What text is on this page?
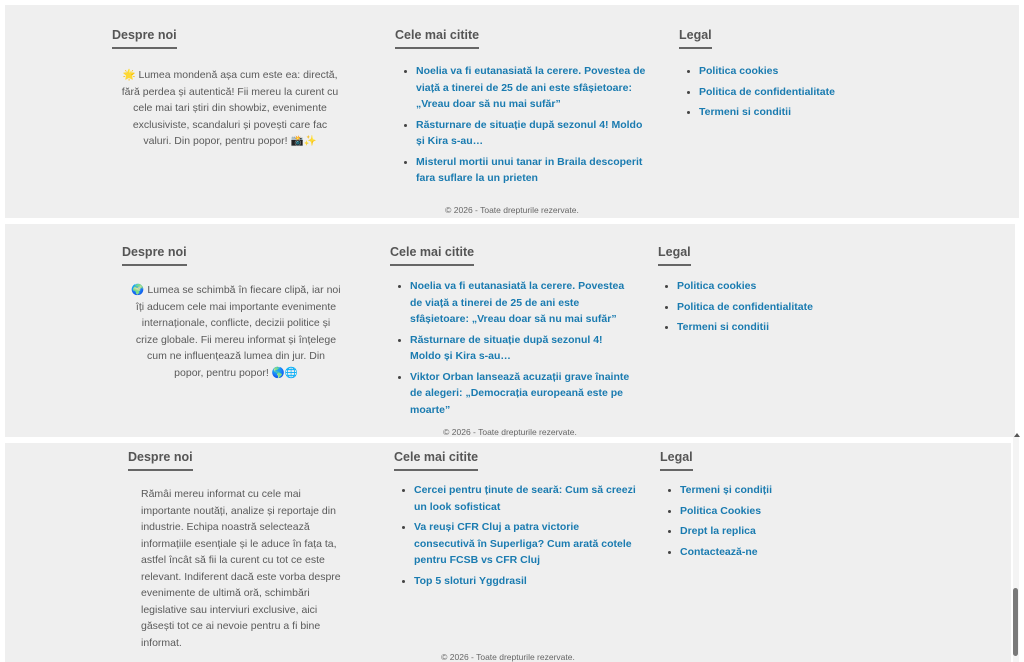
Despre noi

🌟 Lumea mondenă așa cum este ea: directă, fără perdea și autentică! Fii mereu la curent cu cele mai tari știri din showbiz, evenimente exclusiviste, scandaluri și povești care fac valuri. Din popor, pentru popor! 📸✨

Cele mai citite
• Noelia va fi eutanasiată la cerere. Povestea de viață a tinerei de 25 de ani este sfâșietoare: „Vreau doar să nu mai sufăr”
• Răsturnare de situație după sezonul 4! Moldo și Kira s-au…
• Misterul mortii unui tanar in Braila descoperit fara suflare la un prieten
Legal
• Politica cookies
• Politica de confidentialitate
• Termeni si conditii
© 2026 - Toate drepturile rezervate.
Despre noi

🌍 Lumea se schimbă în fiecare clipă, iar noi îți aducem cele mai importante evenimente internaționale, conflicte, decizii politice și crize globale. Fii mereu informat și înțelege cum ne influențează lumea din jur. Din popor, pentru popor! 🌎🌐

Cele mai citite
• Noelia va fi eutanasiată la cerere. Povestea de viață a tinerei de 25 de ani este sfâșietoare: „Vreau doar să nu mai sufăr”
• Răsturnare de situație după sezonul 4! Moldo și Kira s-au…
• Viktor Orban lansează acuzații grave înainte de alegeri: „Democrația europeană este pe moarte”
Legal
• Politica cookies
• Politica de confidentialitate
• Termeni si conditii
© 2026 - Toate drepturile rezervate.
Despre noi

Rămâi mereu informat cu cele mai importante noutăți, analize și reportaje din industrie. Echipa noastră selectează informațiile esențiale și le aduce în fața ta, astfel încât să fii la curent cu tot ce este relevant. Indiferent dacă este vorba despre evenimente de ultimă oră, schimbări legislative sau interviuri exclusive, aici găsești tot ce ai nevoie pentru a fi bine informat.

Cele mai citite
• Cercei pentru ținute de seară: Cum să creezi un look sofisticat
• Va reuși CFR Cluj a patra victorie consecutivă în Superliga? Cum arată cotele pentru FCSB vs CFR Cluj
• Top 5 sloturi Yggdrasil
Legal
• Termeni și condiții
• Politica Cookies
• Drept la replica
• Contactează-ne
© 2026 - Toate drepturile rezervate.
